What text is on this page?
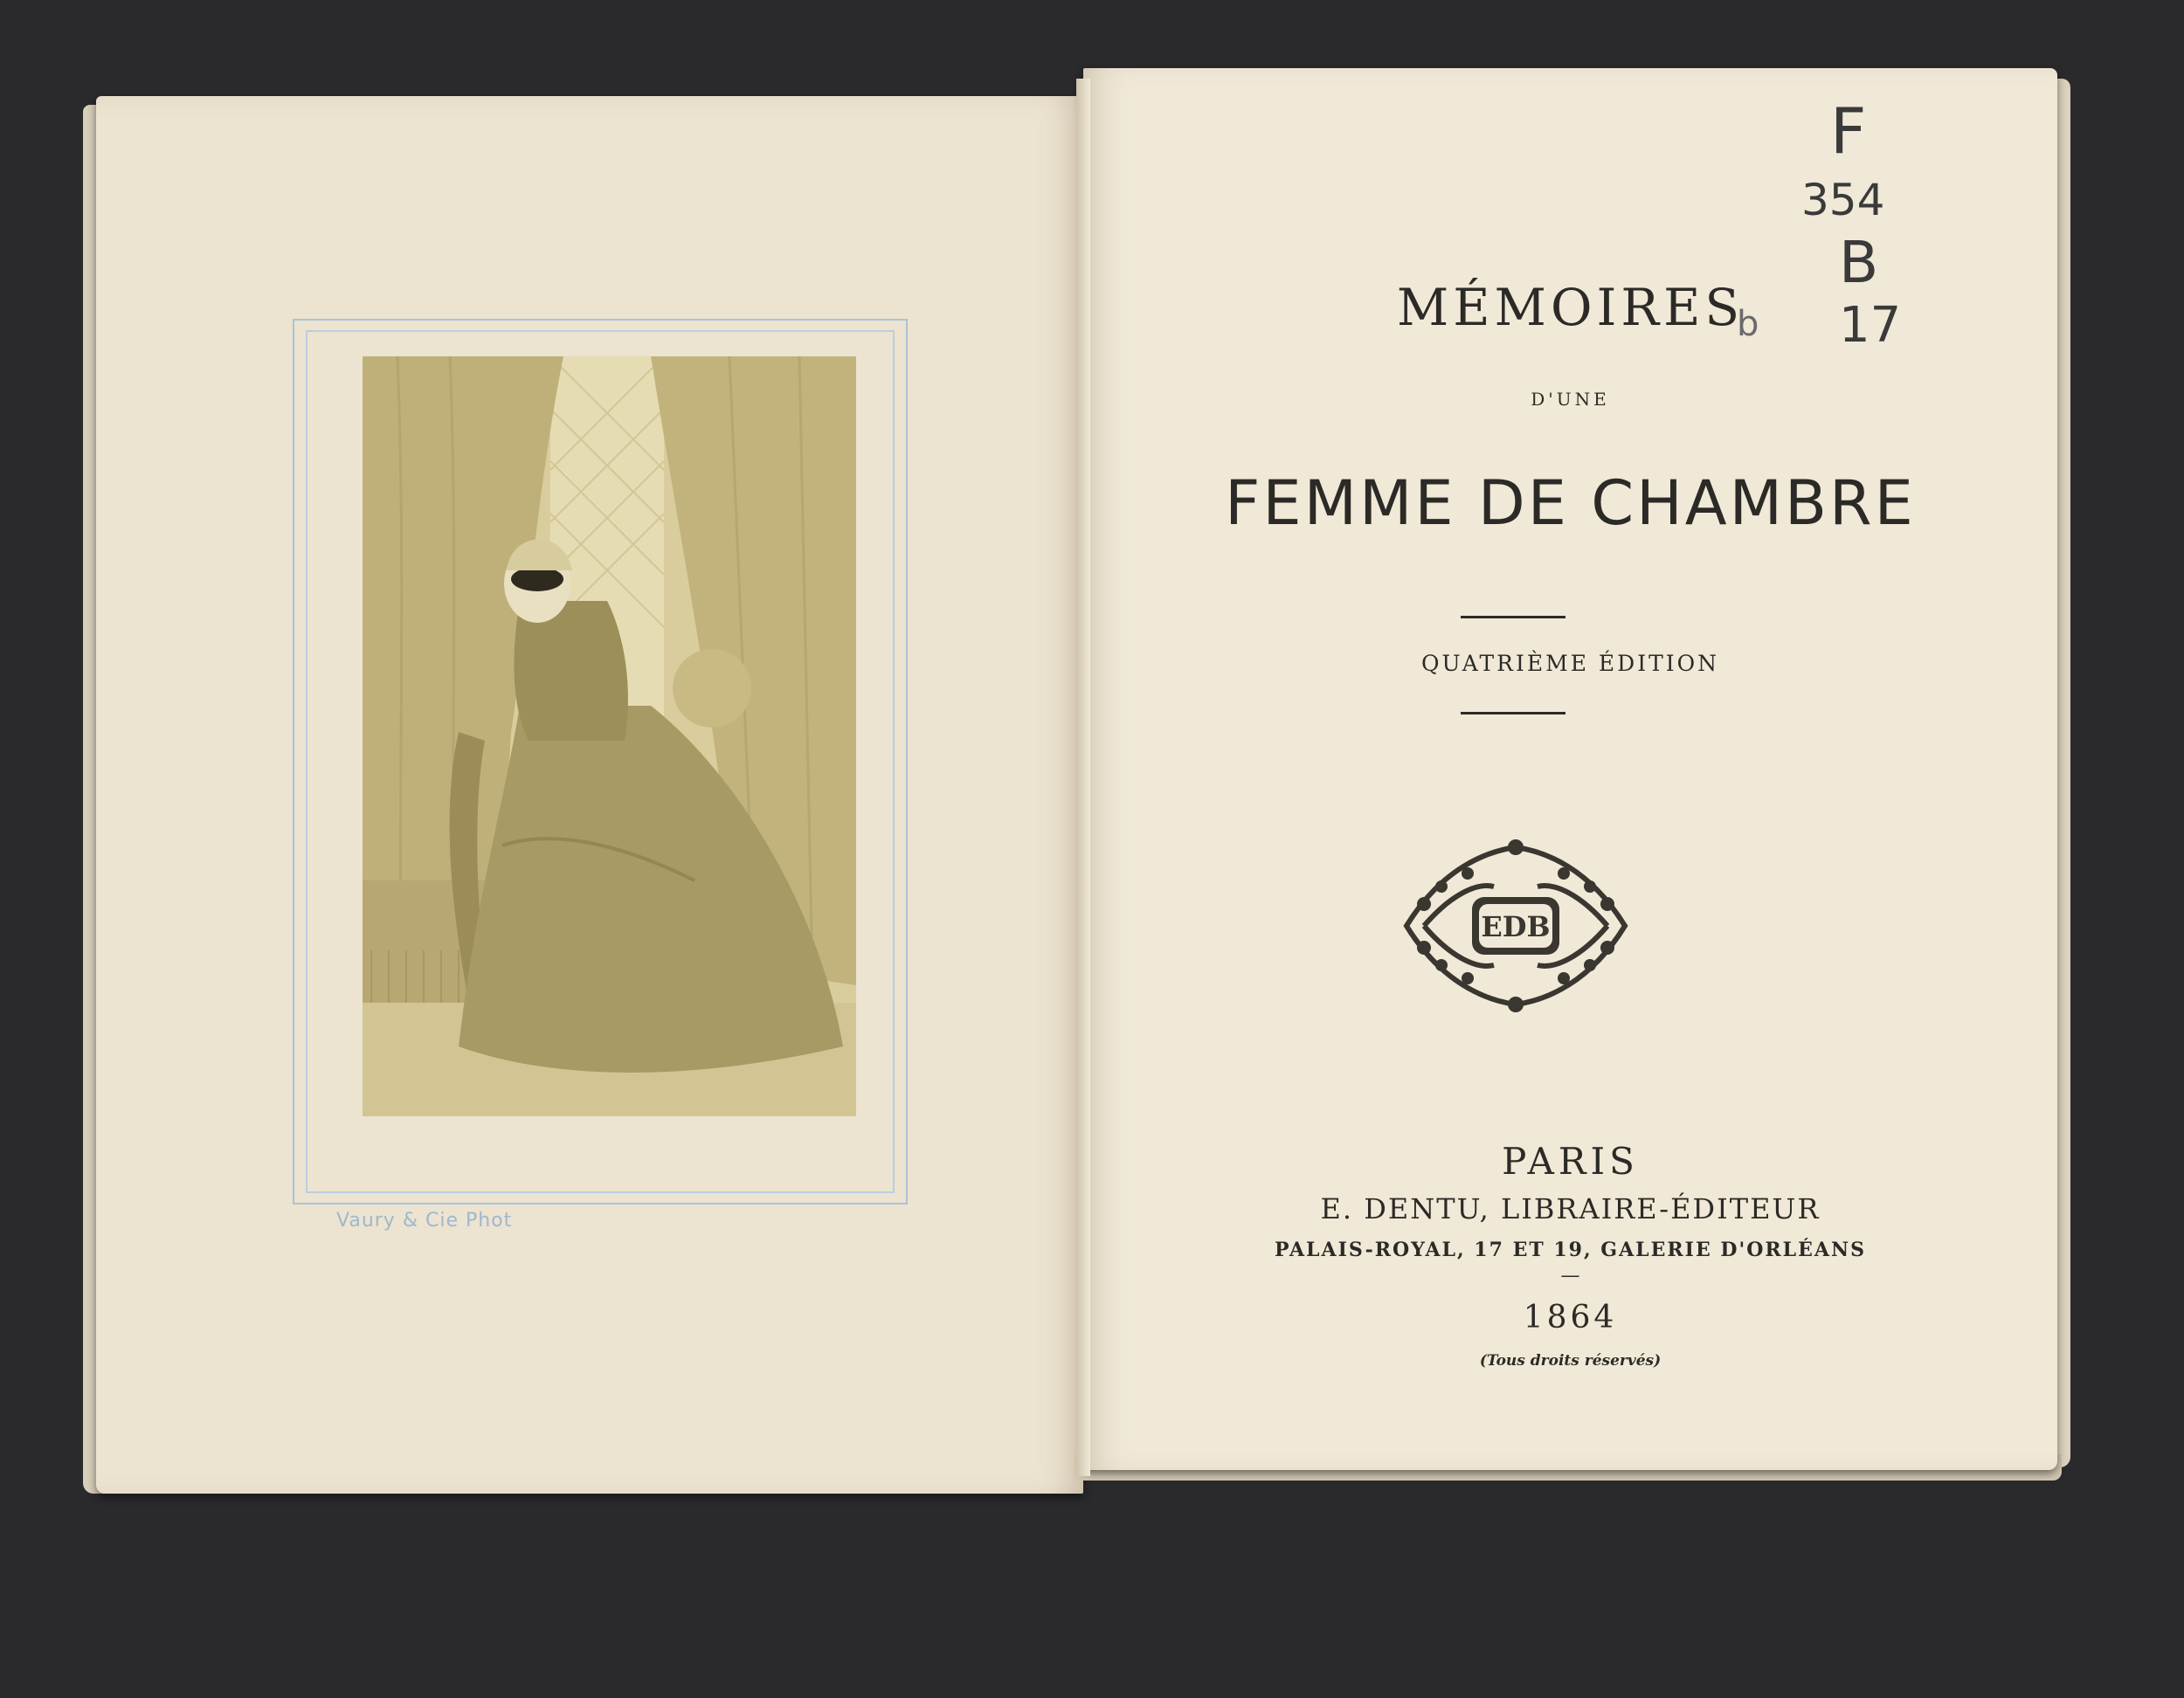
Vaury & Cie Phot
MÉMOIRES
D'UNE
FEMME DE CHAMBRE
QUATRIÈME ÉDITION
EDB
PARIS
E. DENTU, LIBRAIRE-ÉDITEUR
PALAIS-ROYAL, 17 ET 19, GALERIE D'ORLÉANS
—
1864
(Tous droits réservés)
F
354
B
17
b
